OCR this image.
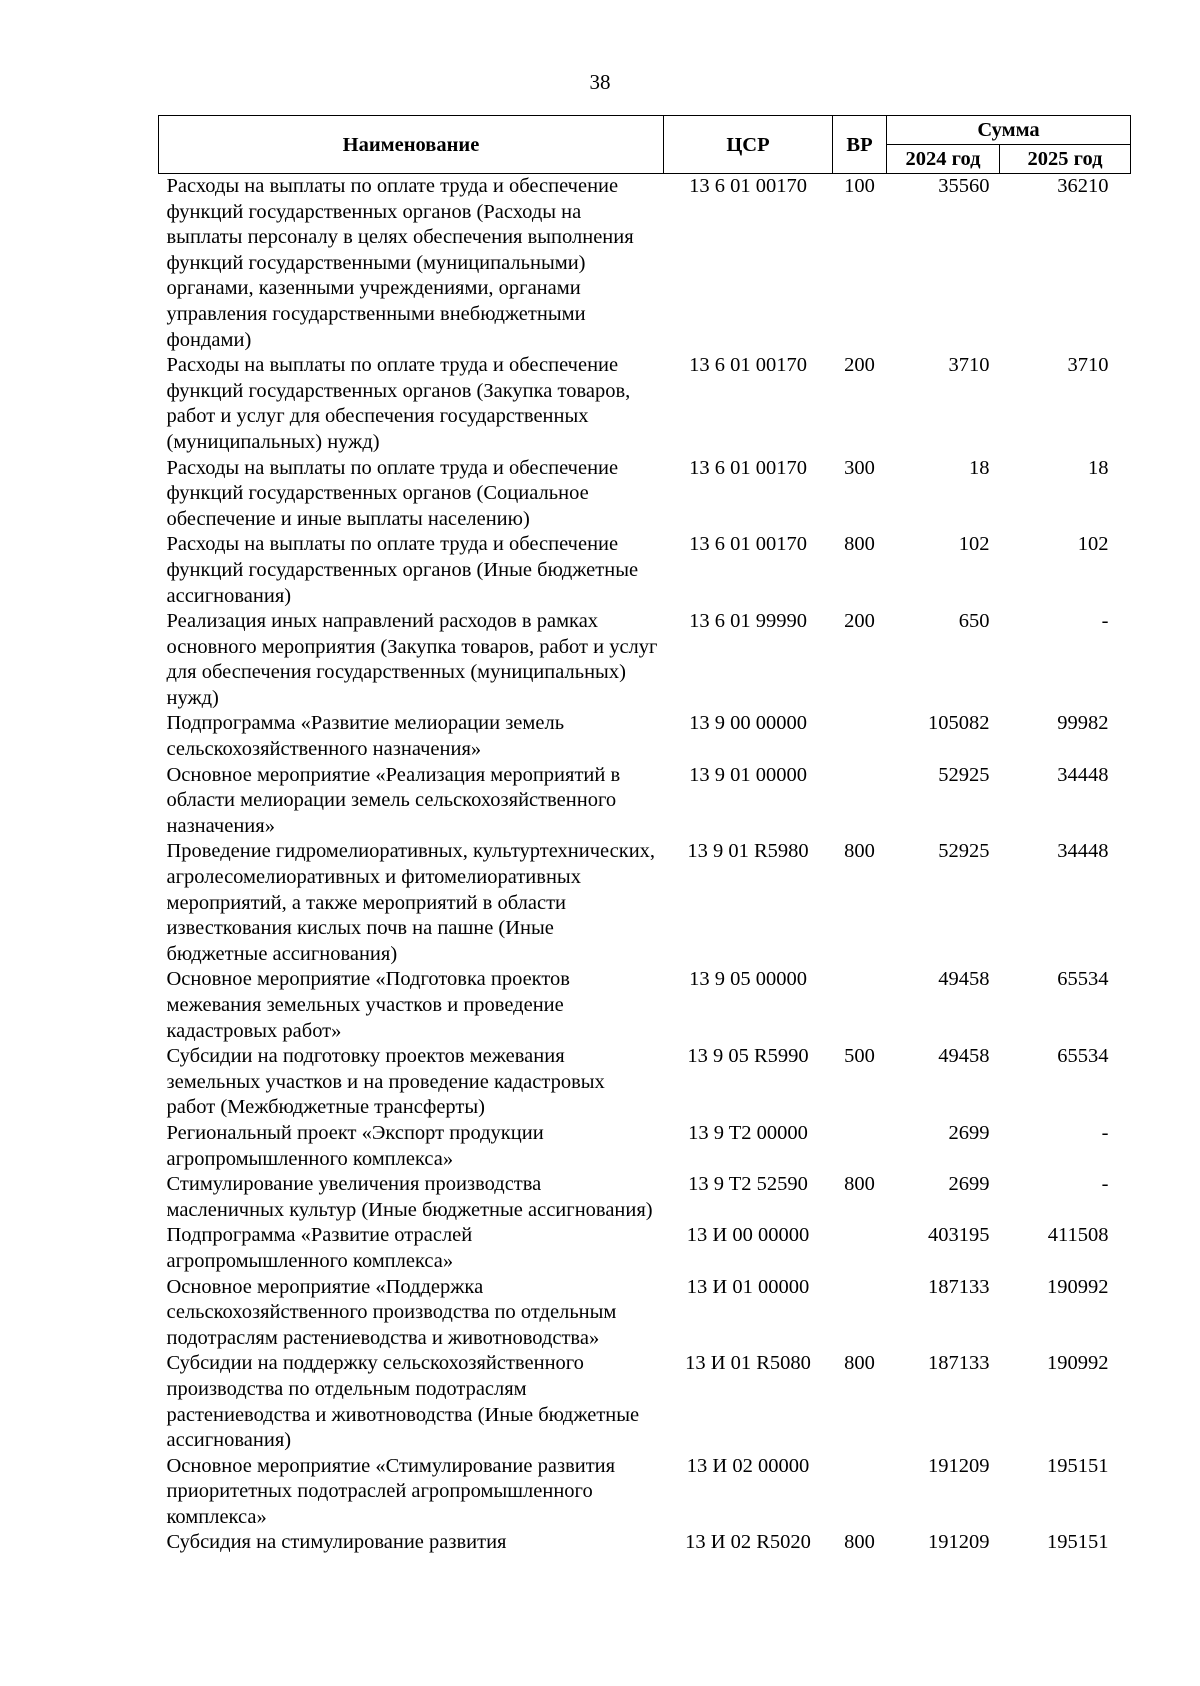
38
Наименование	ЦСР	ВР	Сумма	
			2024 год	2025 год
Расходы на выплаты по оплате труда и обеспечение функций государственных органов (Расходы на выплаты персоналу в целях обеспечения выполнения функций государственными (муниципальными) органами, казенными учреждениями, органами управления государственными внебюджетными фондами)	13 6 01 00170	100	35560	36210
Расходы на выплаты по оплате труда и обеспечение функций государственных органов (Закупка товаров, работ и услуг для обеспечения государственных (муниципальных) нужд)	13 6 01 00170	200	3710	3710
Расходы на выплаты по оплате труда и обеспечение функций государственных органов (Социальное обеспечение и иные выплаты населению)	13 6 01 00170	300	18	18
Расходы на выплаты по оплате труда и обеспечение функций государственных органов (Иные бюджетные ассигнования)	13 6 01 00170	800	102	102
Реализация иных направлений расходов в рамках основного мероприятия (Закупка товаров, работ и услуг для обеспечения государственных (муниципальных) нужд)	13 6 01 99990	200	650	-
Подпрограмма «Развитие мелиорации земель сельскохозяйственного назначения»	13 9 00 00000		105082	99982
Основное мероприятие «Реализация мероприятий в области мелиорации земель сельскохозяйственного назначения»	13 9 01 00000		52925	34448
Проведение гидромелиоративных, культуртехнических, агролесомелиоративных и фитомелиоративных мероприятий, а также мероприятий в области известкования кислых почв на пашне (Иные бюджетные ассигнования)	13 9 01 R5980	800	52925	34448
Основное мероприятие «Подготовка проектов межевания земельных участков и проведение кадастровых работ»	13 9 05 00000		49458	65534
Субсидии на подготовку проектов межевания земельных участков и на проведение кадастровых работ (Межбюджетные трансферты)	13 9 05 R5990	500	49458	65534
Региональный проект «Экспорт продукции агропромышленного комплекса»	13 9 T2 00000		2699	-
Стимулирование увеличения производства масленичных культур (Иные бюджетные ассигнования)	13 9 T2 52590	800	2699	-
Подпрограмма «Развитие отраслей агропромышленного комплекса»	13 И 00 00000		403195	411508
Основное мероприятие «Поддержка сельскохозяйственного производства по отдельным подотраслям растениеводства и животноводства»	13 И 01 00000		187133	190992
Субсидии на поддержку сельскохозяйственного производства по отдельным подотраслям растениеводства и животноводства (Иные бюджетные ассигнования)	13 И 01 R5080	800	187133	190992
Основное мероприятие «Стимулирование развития приоритетных подотраслей агропромышленного комплекса»	13 И 02 00000		191209	195151
Субсидия на стимулирование развития	13 И 02 R5020	800	191209	195151
